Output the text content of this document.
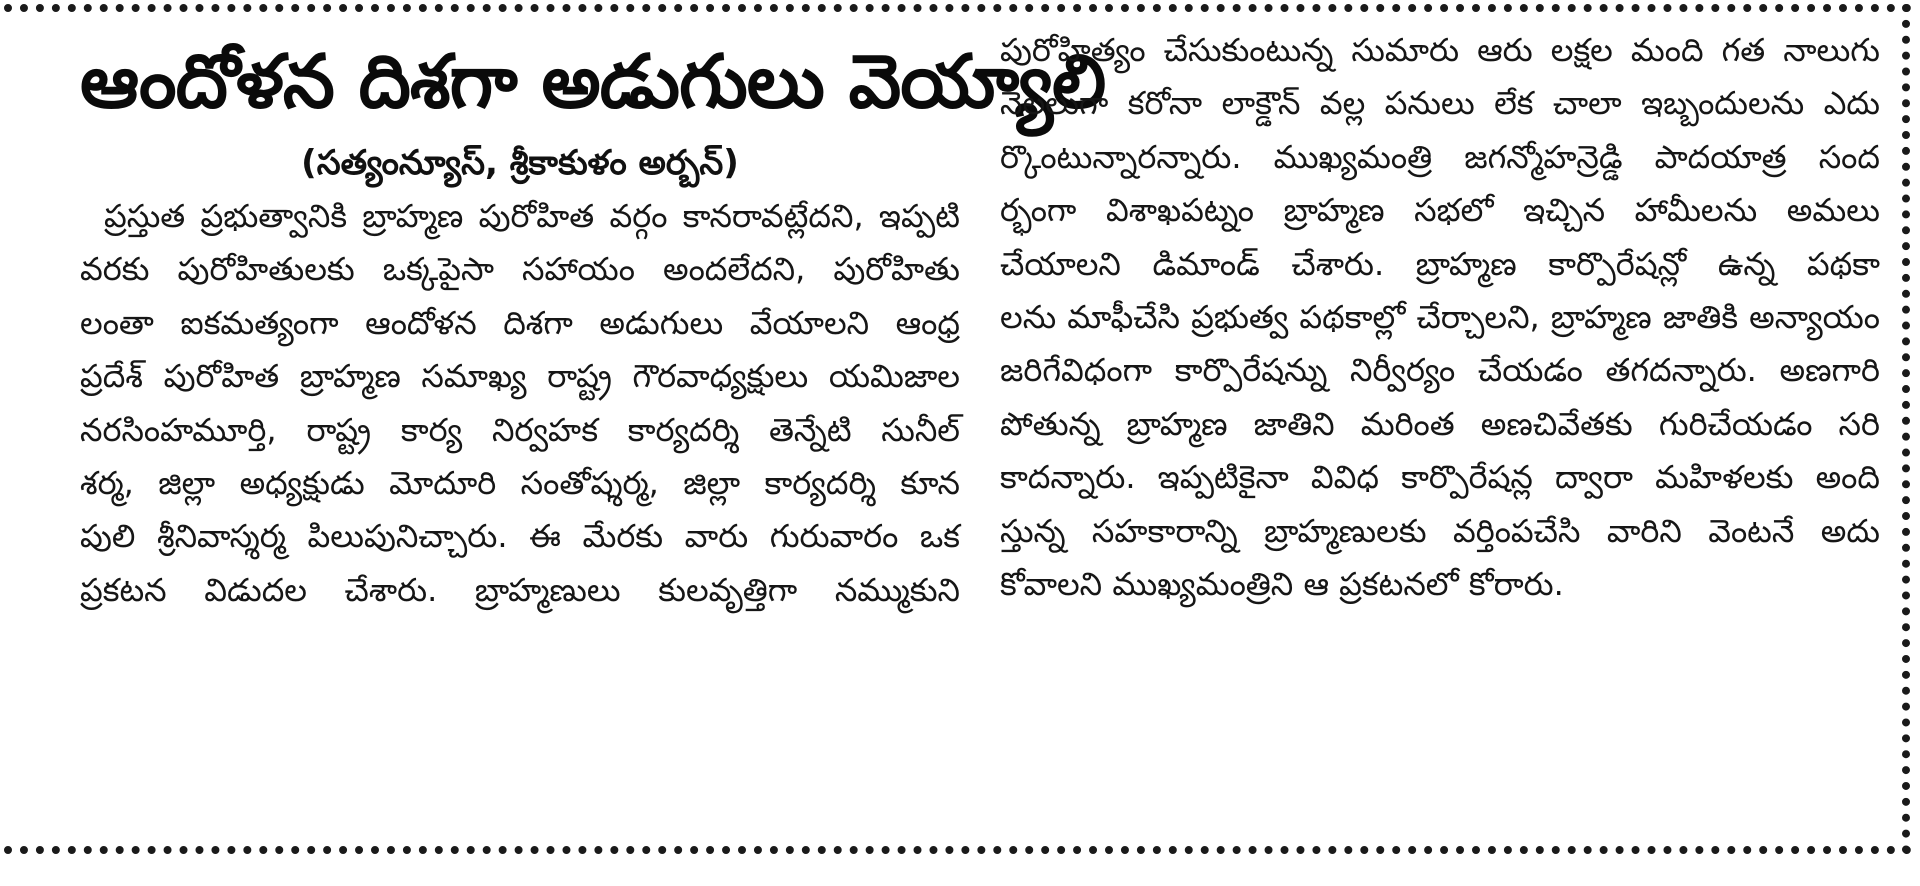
ఆందోళన దిశగా అడుగులు వెయ్యాలి
(సత్యంన్యూస్, శ్రీకాకుళం అర్బన్)
ప్రస్తుత ప్రభుత్వానికి బ్రాహ్మణ పురోహిత వర్గం కానరావట్లేదని, ఇప్పటి
వరకు పురోహితులకు ఒక్కపైసా సహాయం అందలేదని, పురోహితు
లంతా ఐకమత్యంగా ఆందోళన దిశగా అడుగులు వేయాలని ఆంధ్ర
ప్రదేశ్ పురోహిత బ్రాహ్మణ సమాఖ్య రాష్ట్ర గౌరవాధ్యక్షులు యమిజాల
నరసింహమూర్తి, రాష్ట్ర కార్య నిర్వహక కార్యదర్శి తెన్నేటి సునీల్
శర్మ, జిల్లా అధ్యక్షుడు మోదూరి సంతోష్శర్మ, జిల్లా కార్యదర్శి కూన
పులి శ్రీనివాస్శర్మ పిలుపునిచ్చారు. ఈ మేరకు వారు గురువారం ఒక
ప్రకటన విడుదల చేశారు. బ్రాహ్మణులు కులవృత్తిగా నమ్ముకుని
పురోహిత్యం చేసుకుంటున్న సుమారు ఆరు లక్షల మంది గత నాలుగు
నెలలుగా కరోనా లాక్డౌన్ వల్ల పనులు లేక చాలా ఇబ్బందులను ఎదు
ర్కొంటున్నారన్నారు. ముఖ్యమంత్రి జగన్మోహన్రెడ్డి పాదయాత్ర సంద
ర్భంగా విశాఖపట్నం బ్రాహ్మణ సభలో ఇచ్చిన హామీలను అమలు
చేయాలని డిమాండ్ చేశారు. బ్రాహ్మణ కార్పొరేషన్లో ఉన్న పథకా
లను మాఫీచేసి ప్రభుత్వ పథకాల్లో చేర్చాలని, బ్రాహ్మణ జాతికి అన్యాయం
జరిగేవిధంగా కార్పొరేషన్ను నిర్వీర్యం చేయడం తగదన్నారు. అణగారి
పోతున్న బ్రాహ్మణ జాతిని మరింత అణచివేతకు గురిచేయడం సరి
కాదన్నారు. ఇప్పటికైనా వివిధ కార్పొరేషన్ల ద్వారా మహిళలకు అంది
స్తున్న సహకారాన్ని బ్రాహ్మణులకు వర్తింపచేసి వారిని వెంటనే అదు
కోవాలని ముఖ్యమంత్రిని ఆ ప్రకటనలో కోరారు.
